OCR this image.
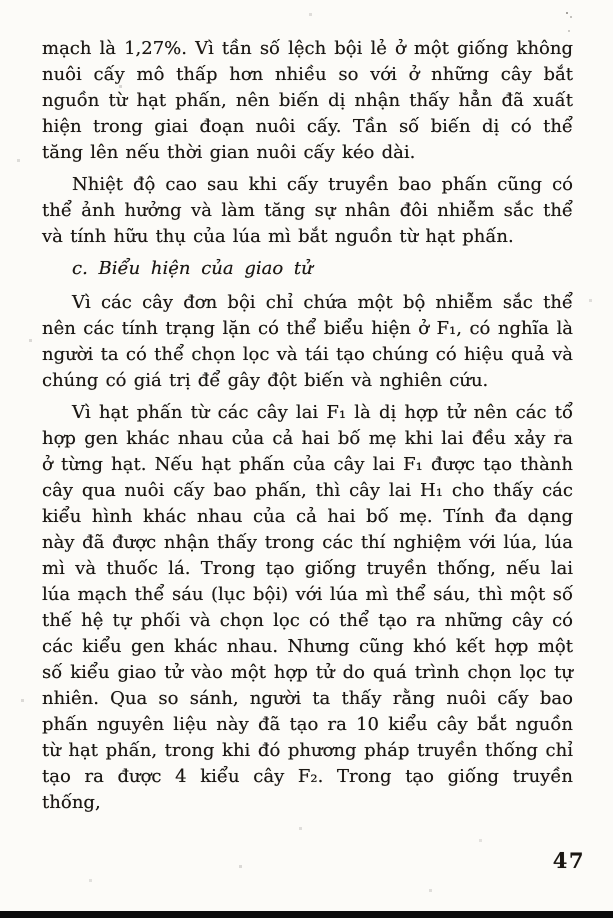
mạch là 1,27%. Vì tần số lệch bội lẻ ở một giống không nuôi cấy mô thấp hơn nhiều so với ở những cây bắt nguồn từ hạt phấn, nên biến dị nhận thấy hẳn đã xuất hiện trong giai đoạn nuôi cấy. Tần số biến dị có thể tăng lên nếu thời gian nuôi cấy kéo dài.

Nhiệt độ cao sau khi cấy truyền bao phấn cũng có thể ảnh hưởng và làm tăng sự nhân đôi nhiễm sắc thể và tính hữu thụ của lúa mì bắt nguồn từ hạt phấn.

c. Biểu hiện của giao tử

Vì các cây đơn bội chỉ chứa một bộ nhiễm sắc thể nên các tính trạng lặn có thể biểu hiện ở F₁, có nghĩa là người ta có thể chọn lọc và tái tạo chúng có hiệu quả và chúng có giá trị để gây đột biến và nghiên cứu.

Vì hạt phấn từ các cây lai F₁ là dị hợp tử nên các tổ hợp gen khác nhau của cả hai bố mẹ khi lai đều xảy ra ở từng hạt. Nếu hạt phấn của cây lai F₁ được tạo thành cây qua nuôi cấy bao phấn, thì cây lai H₁ cho thấy các kiểu hình khác nhau của cả hai bố mẹ. Tính đa dạng này đã được nhận thấy trong các thí nghiệm với lúa, lúa mì và thuốc lá. Trong tạo giống truyền thống, nếu lai lúa mạch thể sáu (lục bội) với lúa mì thể sáu, thì một số thế hệ tự phối và chọn lọc có thể tạo ra những cây có các kiểu gen khác nhau. Nhưng cũng khó kết hợp một số kiểu giao tử vào một hợp tử do quá trình chọn lọc tự nhiên. Qua so sánh, người ta thấy rằng nuôi cấy bao phấn nguyên liệu này đã tạo ra 10 kiểu cây bắt nguồn từ hạt phấn, trong khi đó phương pháp truyền thống chỉ tạo ra được 4 kiểu cây F₂. Trong tạo giống truyền thống,

47
